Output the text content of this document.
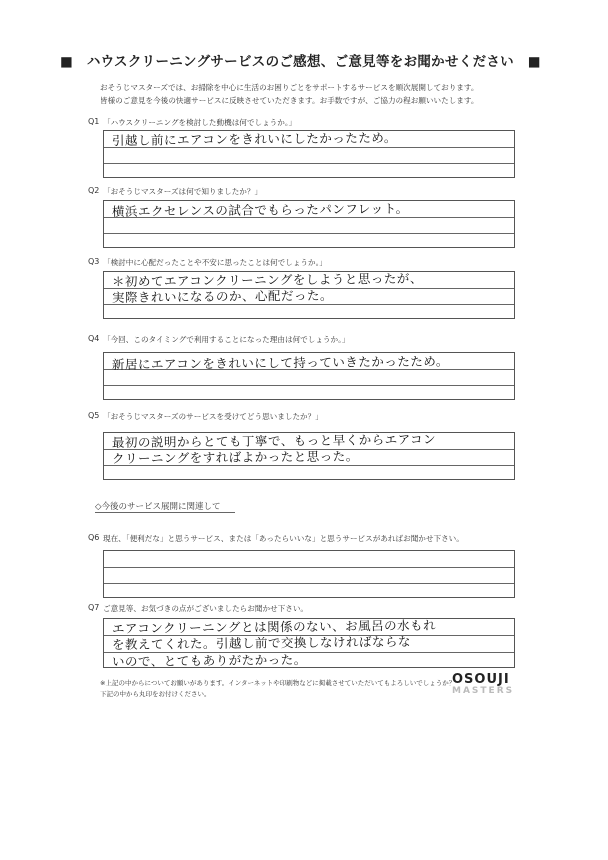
■　ハウスクリーニングサービスのご感想、ご意見等をお聞かせください　■
おそうじマスターズでは、お掃除を中心に生活のお困りごとをサポートするサービスを順次展開しております。
皆様のご意見を今後の快適サービスに反映させていただきます。お手数ですが、ご協力の程お願いいたします。
Q1 「ハウスクリーニングを検討した動機は何でしょうか。」
引越し前にエアコンをきれいにしたかったため。
Q2 「おそうじマスターズは何で知りましたか？」
横浜エクセレンスの試合でもらったパンフレット。
Q3 「検討中に心配だったことや不安に思ったことは何でしょうか。」
＊初めてエアコンクリーニングをしようと思ったが、
実際きれいになるのか、心配だった。
Q4 「今回、このタイミングで利用することになった理由は何でしょうか。」
新居にエアコンをきれいにして持っていきたかったため。
Q5 「おそうじマスターズのサービスを受けてどう思いましたか？」
最初の説明からとても丁寧で、もっと早くからエアコン
クリーニングをすればよかったと思った。
◇今後のサービス展開に関連して
Q6 現在、「便利だな」と思うサービス、または「あったらいいな」と思うサービスがあればお聞かせ下さい。
Q7 ご意見等、お気づきの点がございましたらお聞かせ下さい。
エアコンクリーニングとは関係のない、お風呂の水もれ
を教えてくれた。引越し前で交換しなければならな
いので、とてもありがたかった。
※上記の中からについてお願いがあります。インターネットや印刷物などに掲載させていただいてもよろしいでしょうか？
下記の中から丸印をお付けください。
OSOUJI
MASTERS
